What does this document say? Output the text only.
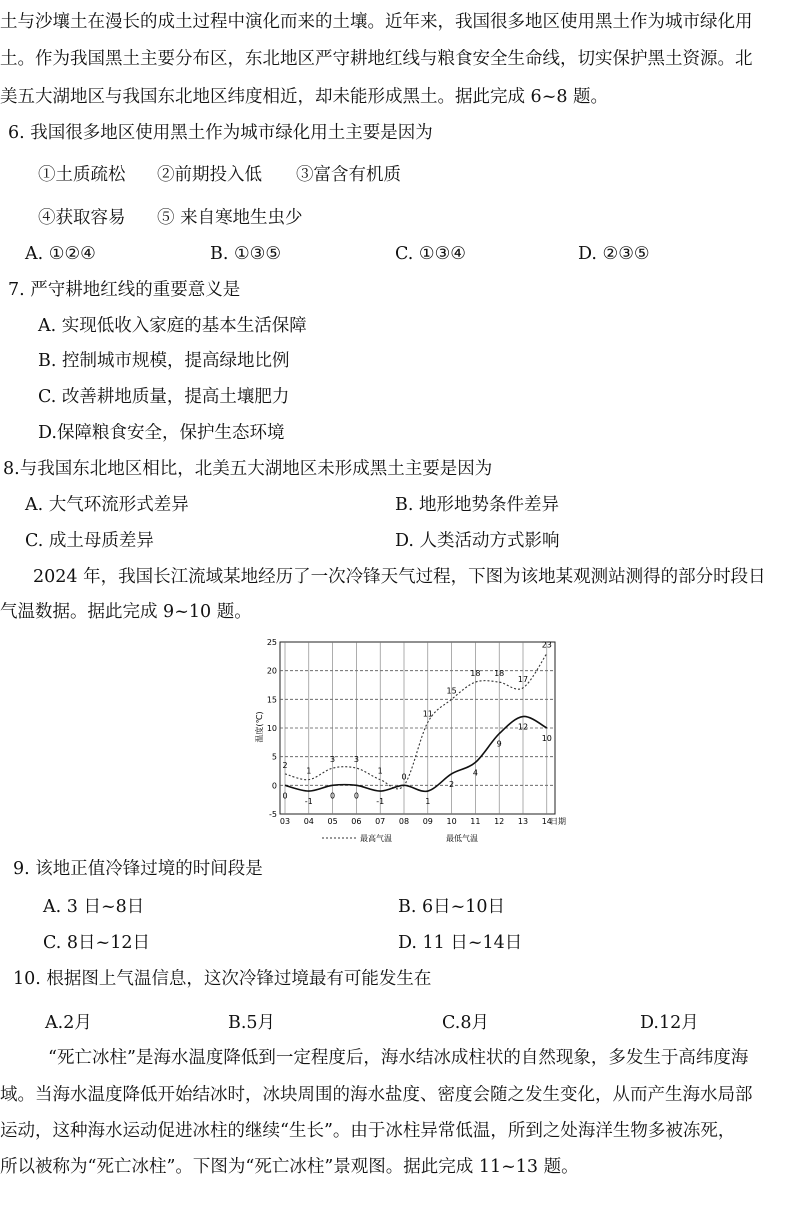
土与沙壤土在漫长的成土过程中演化而来的土壤。近年来，我国很多地区使用黑土作为城市绿化用
土。作为我国黑土主要分布区，东北地区严守耕地红线与粮食安全生命线，切实保护黑土资源。北
美五大湖地区与我国东北地区纬度相近，却未能形成黑土。据此完成 6~8 题。
6. 我国很多地区使用黑土作为城市绿化用土主要是因为
①土质疏松 ②前期投入低 ③富含有机质
④获取容易 ⑤ 来自寒地生虫少
A. ①②④	B. ①③⑤	C. ①③④	D. ②③⑤
7. 严守耕地红线的重要意义是
A. 实现低收入家庭的基本生活保障
B. 控制城市规模，提高绿地比例
C. 改善耕地质量，提高土壤肥力
D.保障粮食安全，保护生态环境
8.与我国东北地区相比，北美五大湖地区未形成黑土主要是因为
A. 大气环流形式差异	B. 地形地势条件差异
C. 成土母质差异	D. 人类活动方式影响
2024 年，我国长江流域某地经历了一次冷锋天气过程，下图为该地某观测站测得的部分时段日
气温数据。据此完成 9~10 题。
25
20
15
10
5
0
-5
03 04 05 06 07 08 09 10 11 12 13 14
温度(℃)
日期
2
1
3 3
1
0
11
15
18 18
17
23
0
-1
0 0
-1	1
2
4
9
12
10
最高气温	最低气温
9. 该地正值冷锋过境的时间段是
A. 3 日~8日	B. 6日~10日
C. 8日~12日	D. 11 日~14日
10. 根据图上气温信息，这次冷锋过境最有可能发生在
A.2月	B.5月	C.8月	D.12月
“死亡冰柱”是海水温度降低到一定程度后，海水结冰成柱状的自然现象，多发生于高纬度海
域。当海水温度降低开始结冰时，冰块周围的海水盐度、密度会随之发生变化，从而产生海水局部
运动，这种海水运动促进冰柱的继续“生长”。由于冰柱异常低温，所到之处海洋生物多被冻死，
所以被称为“死亡冰柱”。下图为“死亡冰柱”景观图。据此完成 11~13 题。
